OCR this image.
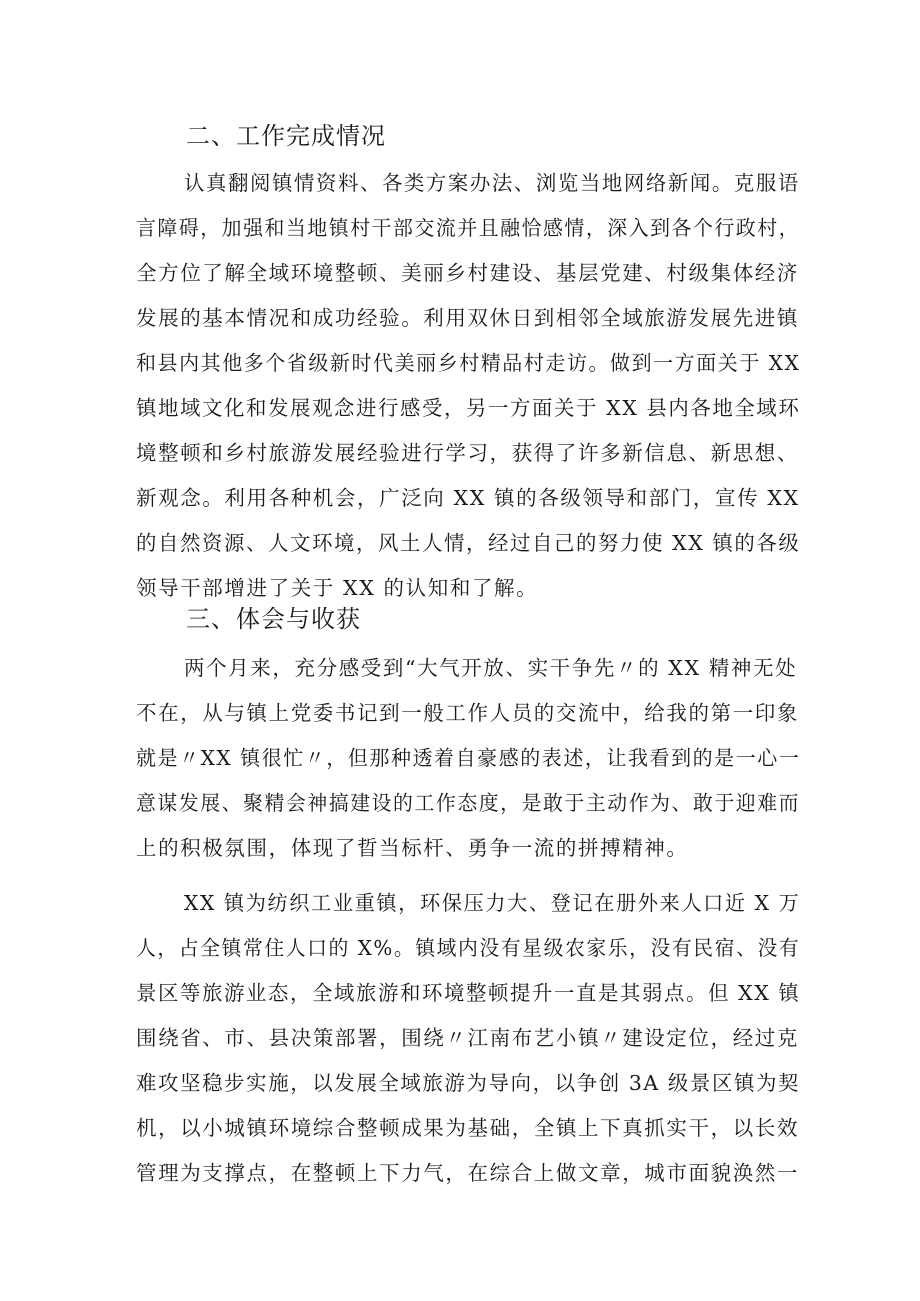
二、工作完成情况
认真翻阅镇情资料、各类方案办法、浏览当地网络新闻。克服语
言障碍，加强和当地镇村干部交流并且融恰感情，深入到各个行政村，
全方位了解全域环境整顿、美丽乡村建设、基层党建、村级集体经济
发展的基本情况和成功经验。利用双休日到相邻全域旅游发展先进镇
和县内其他多个省级新时代美丽乡村精品村走访。做到一方面关于 XX
镇地域文化和发展观念进行感受，另一方面关于 XX 县内各地全域环
境整顿和乡村旅游发展经验进行学习，获得了许多新信息、新思想、
新观念。利用各种机会，广泛向 XX 镇的各级领导和部门，宣传 XX
的自然资源、人文环境，风土人情，经过自己的努力使 XX 镇的各级
领导干部增进了关于 XX 的认知和了解。
三、体会与收获
两个月来，充分感受到“大气开放、实干争先〃的 XX 精神无处
不在，从与镇上党委书记到一般工作人员的交流中，给我的第一印象
就是〃XX 镇很忙〃，但那种透着自豪感的表述，让我看到的是一心一
意谋发展、聚精会神搞建设的工作态度，是敢于主动作为、敢于迎难而
上的积极氛围，体现了晢当标杆、勇争一流的拼搏精神。
XX 镇为纺织工业重镇，环保压力大、登记在册外来人口近 X 万
人，占全镇常住人口的 X%。镇域内没有星级农家乐，没有民宿、没有
景区等旅游业态，全域旅游和环境整顿提升一直是其弱点。但 XX 镇
围绕省、市、县决策部署，围绕〃江南布艺小镇〃建设定位，经过克
难攻坚稳步实施，以发展全域旅游为导向，以争创 3A 级景区镇为契
机，以小城镇环境综合整顿成果为基础，全镇上下真抓实干，以长效
管理为支撑点，在整顿上下力气，在综合上做文章，城市面貌涣然一
